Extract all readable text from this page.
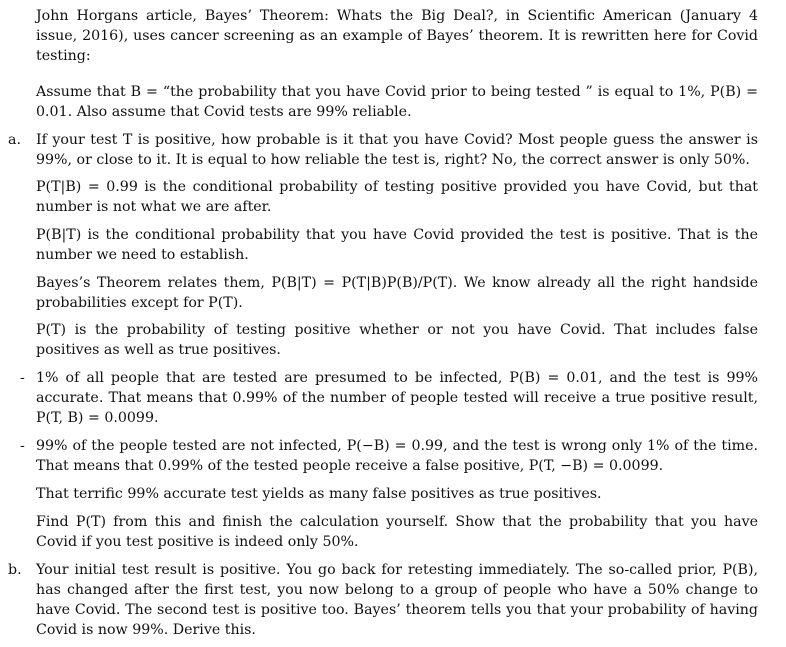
John Horgans article, Bayes’ Theorem: Whats the Big Deal?, in Scientific American (January 4 issue, 2016), uses cancer screening as an example of Bayes’ theorem. It is rewritten here for Covid testing:

Assume that B = “the probability that you have Covid prior to being tested ” is equal to 1%, P(B) = 0.01. Also assume that Covid tests are 99% reliable.

a.	If your test T is positive, how probable is it that you have Covid? Most people guess the answer is 99%, or close to it. It is equal to how reliable the test is, right? No, the correct answer is only 50%.

P(T|B) = 0.99 is the conditional probability of testing positive provided you have Covid, but that number is not what we are after.

P(B|T) is the conditional probability that you have Covid provided the test is positive. That is the number we need to establish.

Bayes’s Theorem relates them, P(B|T) = P(T|B)P(B)/P(T). We know already all the right handside probabilities except for P(T).

P(T) is the probability of testing positive whether or not you have Covid. That includes false positives as well as true positives.

- 1% of all people that are tested are presumed to be infected, P(B) = 0.01, and the test is 99% accurate. That means that 0.99% of the number of people tested will receive a true positive result, P(T, B) = 0.0099.

- 99% of the people tested are not infected, P(−B) = 0.99, and the test is wrong only 1% of the time. That means that 0.99% of the tested people receive a false positive, P(T, −B) = 0.0099.

That terrific 99% accurate test yields as many false positives as true positives.

Find P(T) from this and finish the calculation yourself. Show that the probability that you have Covid if you test positive is indeed only 50%.

b.	Your initial test result is positive. You go back for retesting immediately. The so-called prior, P(B), has changed after the first test, you now belong to a group of people who have a 50% change to have Covid. The second test is positive too. Bayes’ theorem tells you that your probability of having Covid is now 99%. Derive this.
